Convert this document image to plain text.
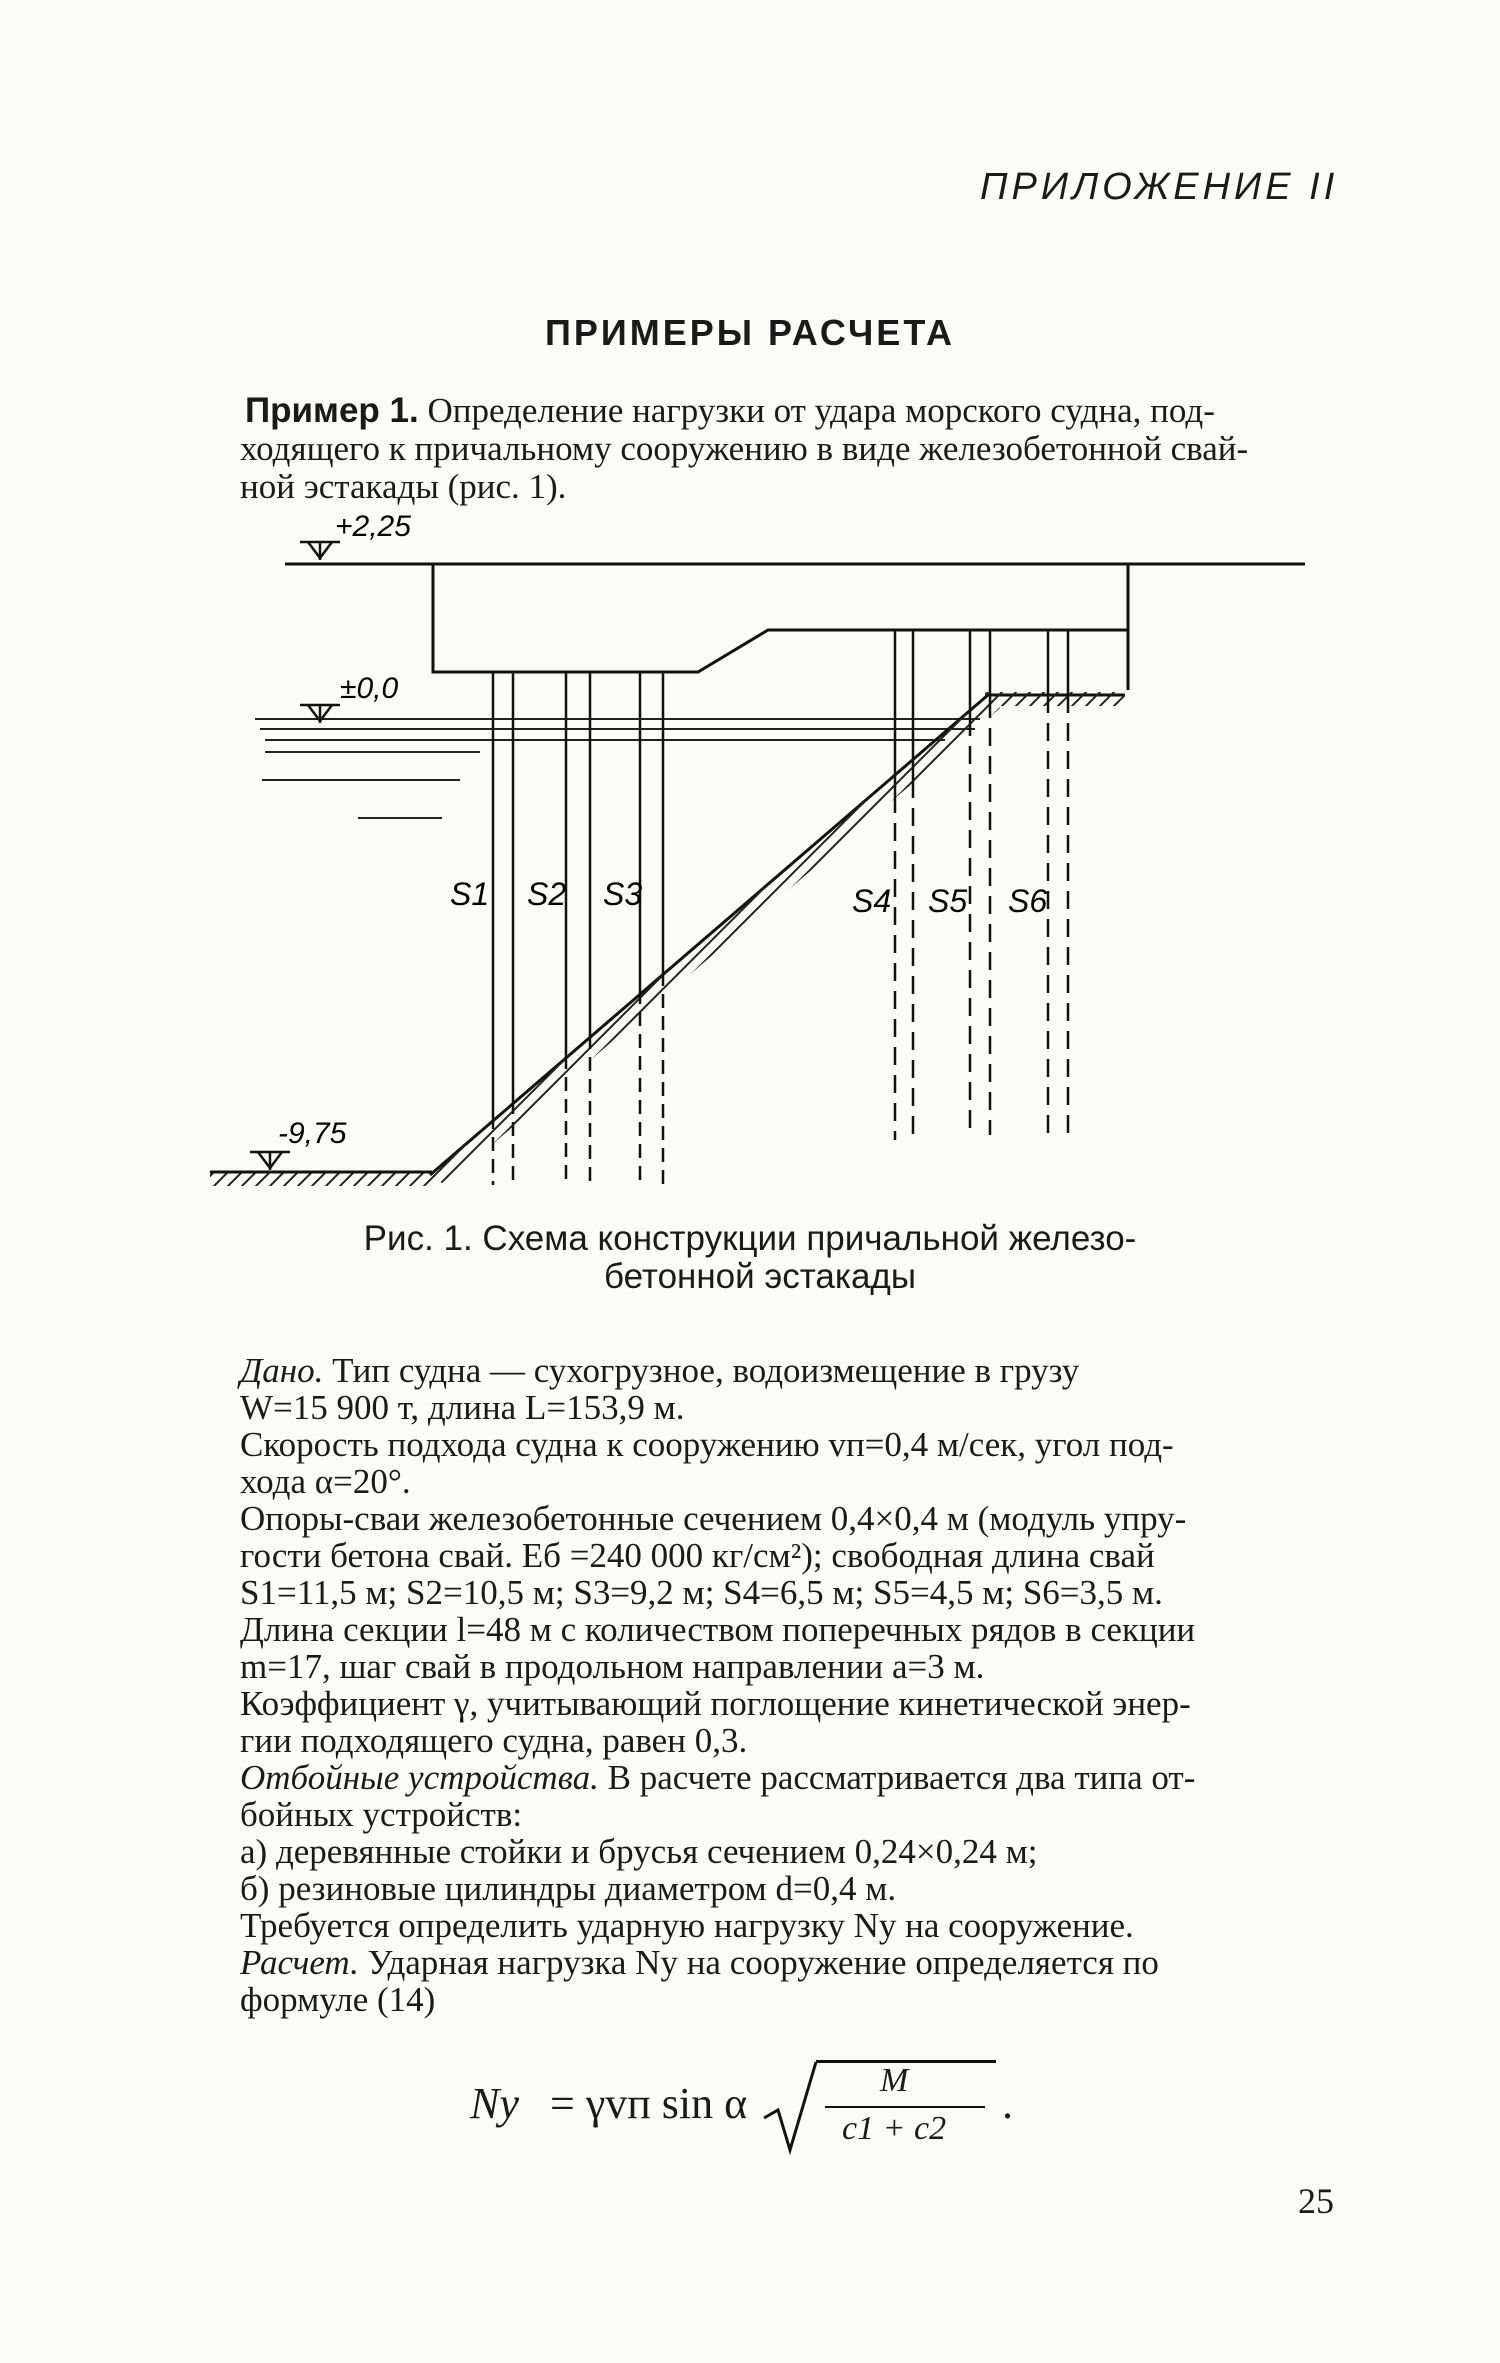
ПРИЛОЖЕНИЕ II
ПРИМЕРЫ РАСЧЕТА

Пример 1. Определение нагрузки от удара морского судна, под-

ходящего к причальному сооружению в виде железобетонной свай-

ной эстакады (рис. 1).

+2,25
±0,0
-9,75
S1 S2 S3	S4 S5 S6
Рис. 1. Схема конструкции причальной железо-
бетонной эстакады

Дано. Тип судна — сухогрузное, водоизмещение в грузу

W=15 900 т, длина L=153,9 м.

Скорость подхода судна к сооружению vп=0,4 м/сек, угол под-

хода α=20°.

Опоры-сваи железобетонные сечением 0,4×0,4 м (модуль упру-

гости бетона свай. Eб =240 000 кг/см²); свободная длина свай

S1=11,5 м; S2=10,5 м; S3=9,2 м; S4=6,5 м; S5=4,5 м; S6=3,5 м.

Длина секции l=48 м с количеством поперечных рядов в секции

m=17, шаг свай в продольном направлении a=3 м.

Коэффициент γ, учитывающий поглощение кинетической энер-

гии подходящего судна, равен 0,3.

Отбойные устройства. В расчете рассматривается два типа от-

бойных устройств:

а) деревянные стойки и брусья сечением 0,24×0,24 м;

б) резиновые цилиндры диаметром d=0,4 м.

Требуется определить ударную нагрузку Nу на сооружение.

Расчет. Ударная нагрузка Nу на сооружение определяется по

формуле (14)

Nу = γvп sin α	M
c1 + c2
.
25
